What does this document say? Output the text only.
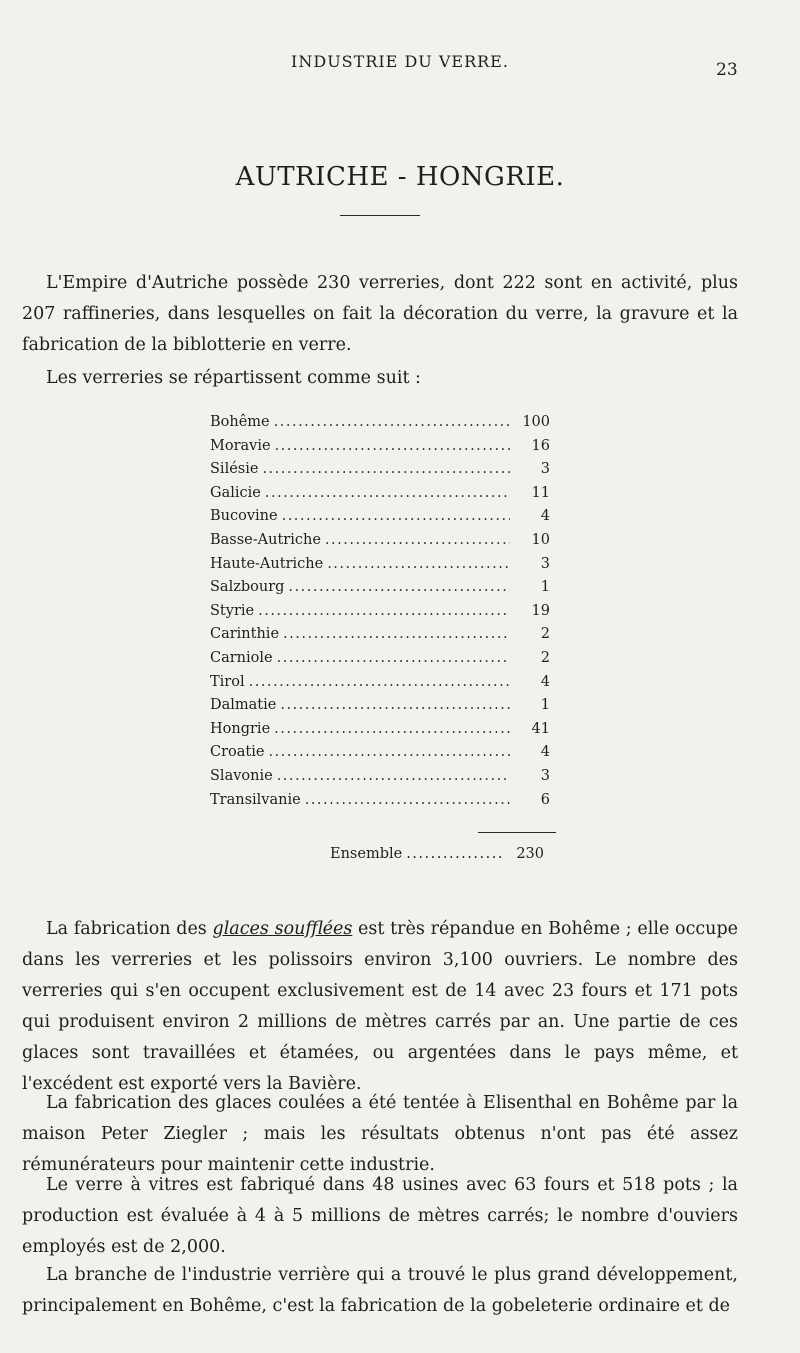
INDUSTRIE DU VERRE.	23
AUTRICHE - HONGRIE.
L'Empire d'Autriche possède 230 verreries, dont 222 sont en activité, plus 207 raffineries, dans lesquelles on fait la décoration du verre, la gravure et la fabrication de la biblotterie en verre.
Les verreries se répartissent comme suit :
Bohême .....	100
Moravie .....	16
Silésie .....	3
Galicie .....	11
Bucovine .....	4
Basse-Autriche .....	10
Haute-Autriche .....	3
Salzbourg .....	1
Styrie .....	19
Carinthie .....	2
Carniole .....	2
Tirol .....	4
Dalmatie .....	1
Hongrie .....	41
Croatie .....	4
Slavonie .....	3
Transilvanie .....	6
Ensemble .....	230
La fabrication des glaces soufflées est très répandue en Bohême ; elle occupe dans les verreries et les polissoirs environ 3,100 ouvriers. Le nombre des verreries qui s'en occupent exclusivement est de 14 avec 23 fours et 171 pots qui produisent environ 2 millions de mètres carrés par an. Une partie de ces glaces sont travaillées et étamées, ou argentées dans le pays même, et l'excédent est exporté vers la Bavière.
La fabrication des glaces coulées a été tentée à Elisenthal en Bohême par la maison Peter Ziegler ; mais les résultats obtenus n'ont pas été assez rémunérateurs pour maintenir cette industrie.
Le verre à vitres est fabriqué dans 48 usines avec 63 fours et 518 pots ; la production est évaluée à 4 à 5 millions de mètres carrés; le nombre d'ouviers employés est de 2,000.
La branche de l'industrie verrière qui a trouvé le plus grand développement, principalement en Bohême, c'est la fabrication de la gobeleterie ordinaire et de
